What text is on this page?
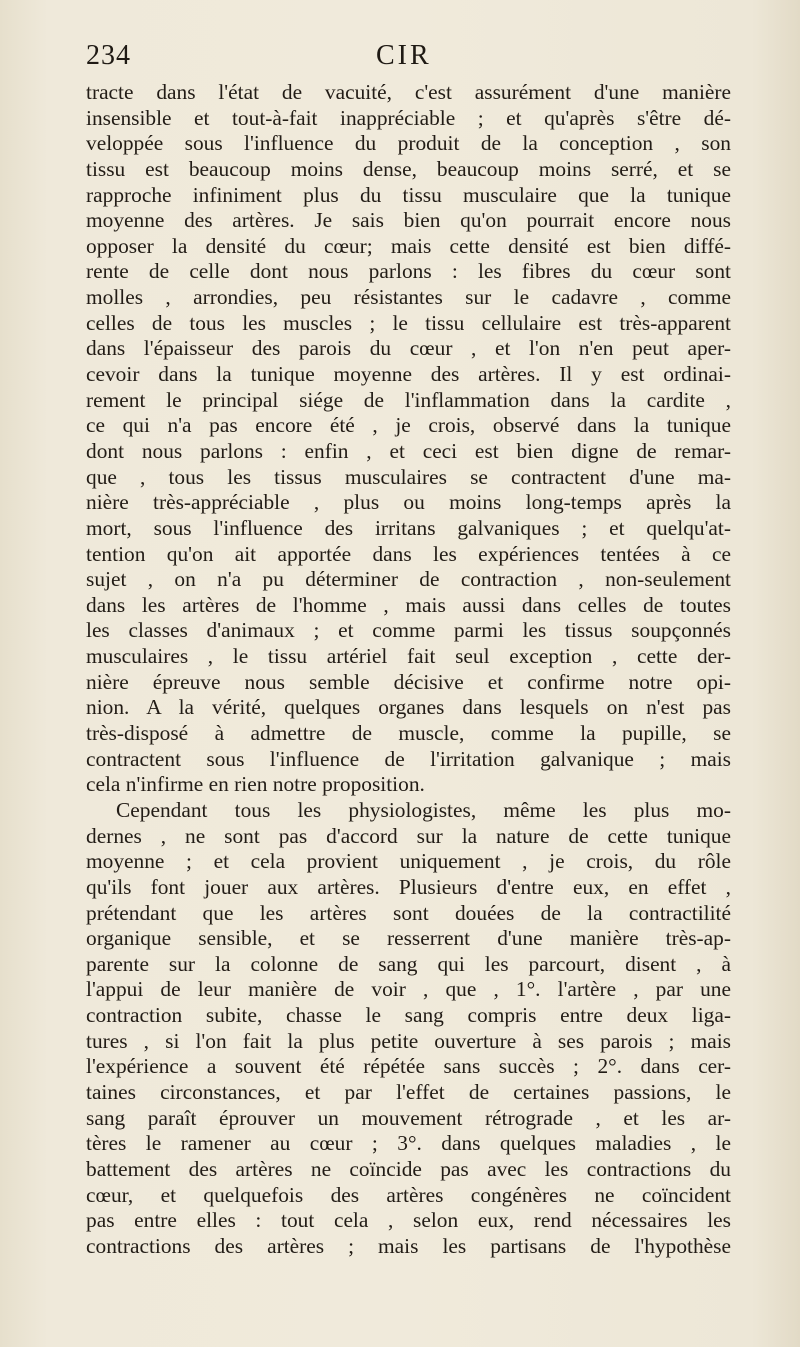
234	CIR
tracte dans l'état de vacuité, c'est assurément d'une manière
insensible et tout-à-fait inappréciable ; et qu'après s'être dé-
veloppée sous l'influence du produit de la conception , son
tissu est beaucoup moins dense, beaucoup moins serré, et se
rapproche infiniment plus du tissu musculaire que la tunique
moyenne des artères. Je sais bien qu'on pourrait encore nous
opposer la densité du cœur; mais cette densité est bien diffé-
rente de celle dont nous parlons : les fibres du cœur sont
molles , arrondies, peu résistantes sur le cadavre , comme
celles de tous les muscles ; le tissu cellulaire est très-apparent
dans l'épaisseur des parois du cœur , et l'on n'en peut aper-
cevoir dans la tunique moyenne des artères. Il y est ordinai-
rement le principal siége de l'inflammation dans la cardite ,
ce qui n'a pas encore été , je crois, observé dans la tunique
dont nous parlons : enfin , et ceci est bien digne de remar-
que , tous les tissus musculaires se contractent d'une ma-
nière très-appréciable , plus ou moins long-temps après la
mort, sous l'influence des irritans galvaniques ; et quelqu'at-
tention qu'on ait apportée dans les expériences tentées à ce
sujet , on n'a pu déterminer de contraction , non-seulement
dans les artères de l'homme , mais aussi dans celles de toutes
les classes d'animaux ; et comme parmi les tissus soupçonnés
musculaires , le tissu artériel fait seul exception , cette der-
nière épreuve nous semble décisive et confirme notre opi-
nion. A la vérité, quelques organes dans lesquels on n'est pas
très-disposé à admettre de muscle, comme la pupille, se
contractent sous l'influence de l'irritation galvanique ; mais
cela n'infirme en rien notre proposition.
Cependant tous les physiologistes, même les plus mo-
dernes , ne sont pas d'accord sur la nature de cette tunique
moyenne ; et cela provient uniquement , je crois, du rôle
qu'ils font jouer aux artères. Plusieurs d'entre eux, en effet ,
prétendant que les artères sont douées de la contractilité
organique sensible, et se resserrent d'une manière très-ap-
parente sur la colonne de sang qui les parcourt, disent , à
l'appui de leur manière de voir , que , 1°. l'artère , par une
contraction subite, chasse le sang compris entre deux liga-
tures , si l'on fait la plus petite ouverture à ses parois ; mais
l'expérience a souvent été répétée sans succès ; 2°. dans cer-
taines circonstances, et par l'effet de certaines passions, le
sang paraît éprouver un mouvement rétrograde , et les ar-
tères le ramener au cœur ; 3°. dans quelques maladies , le
battement des artères ne coïncide pas avec les contractions du
cœur, et quelquefois des artères congénères ne coïncident
pas entre elles : tout cela , selon eux, rend nécessaires les
contractions des artères ; mais les partisans de l'hypothèse
